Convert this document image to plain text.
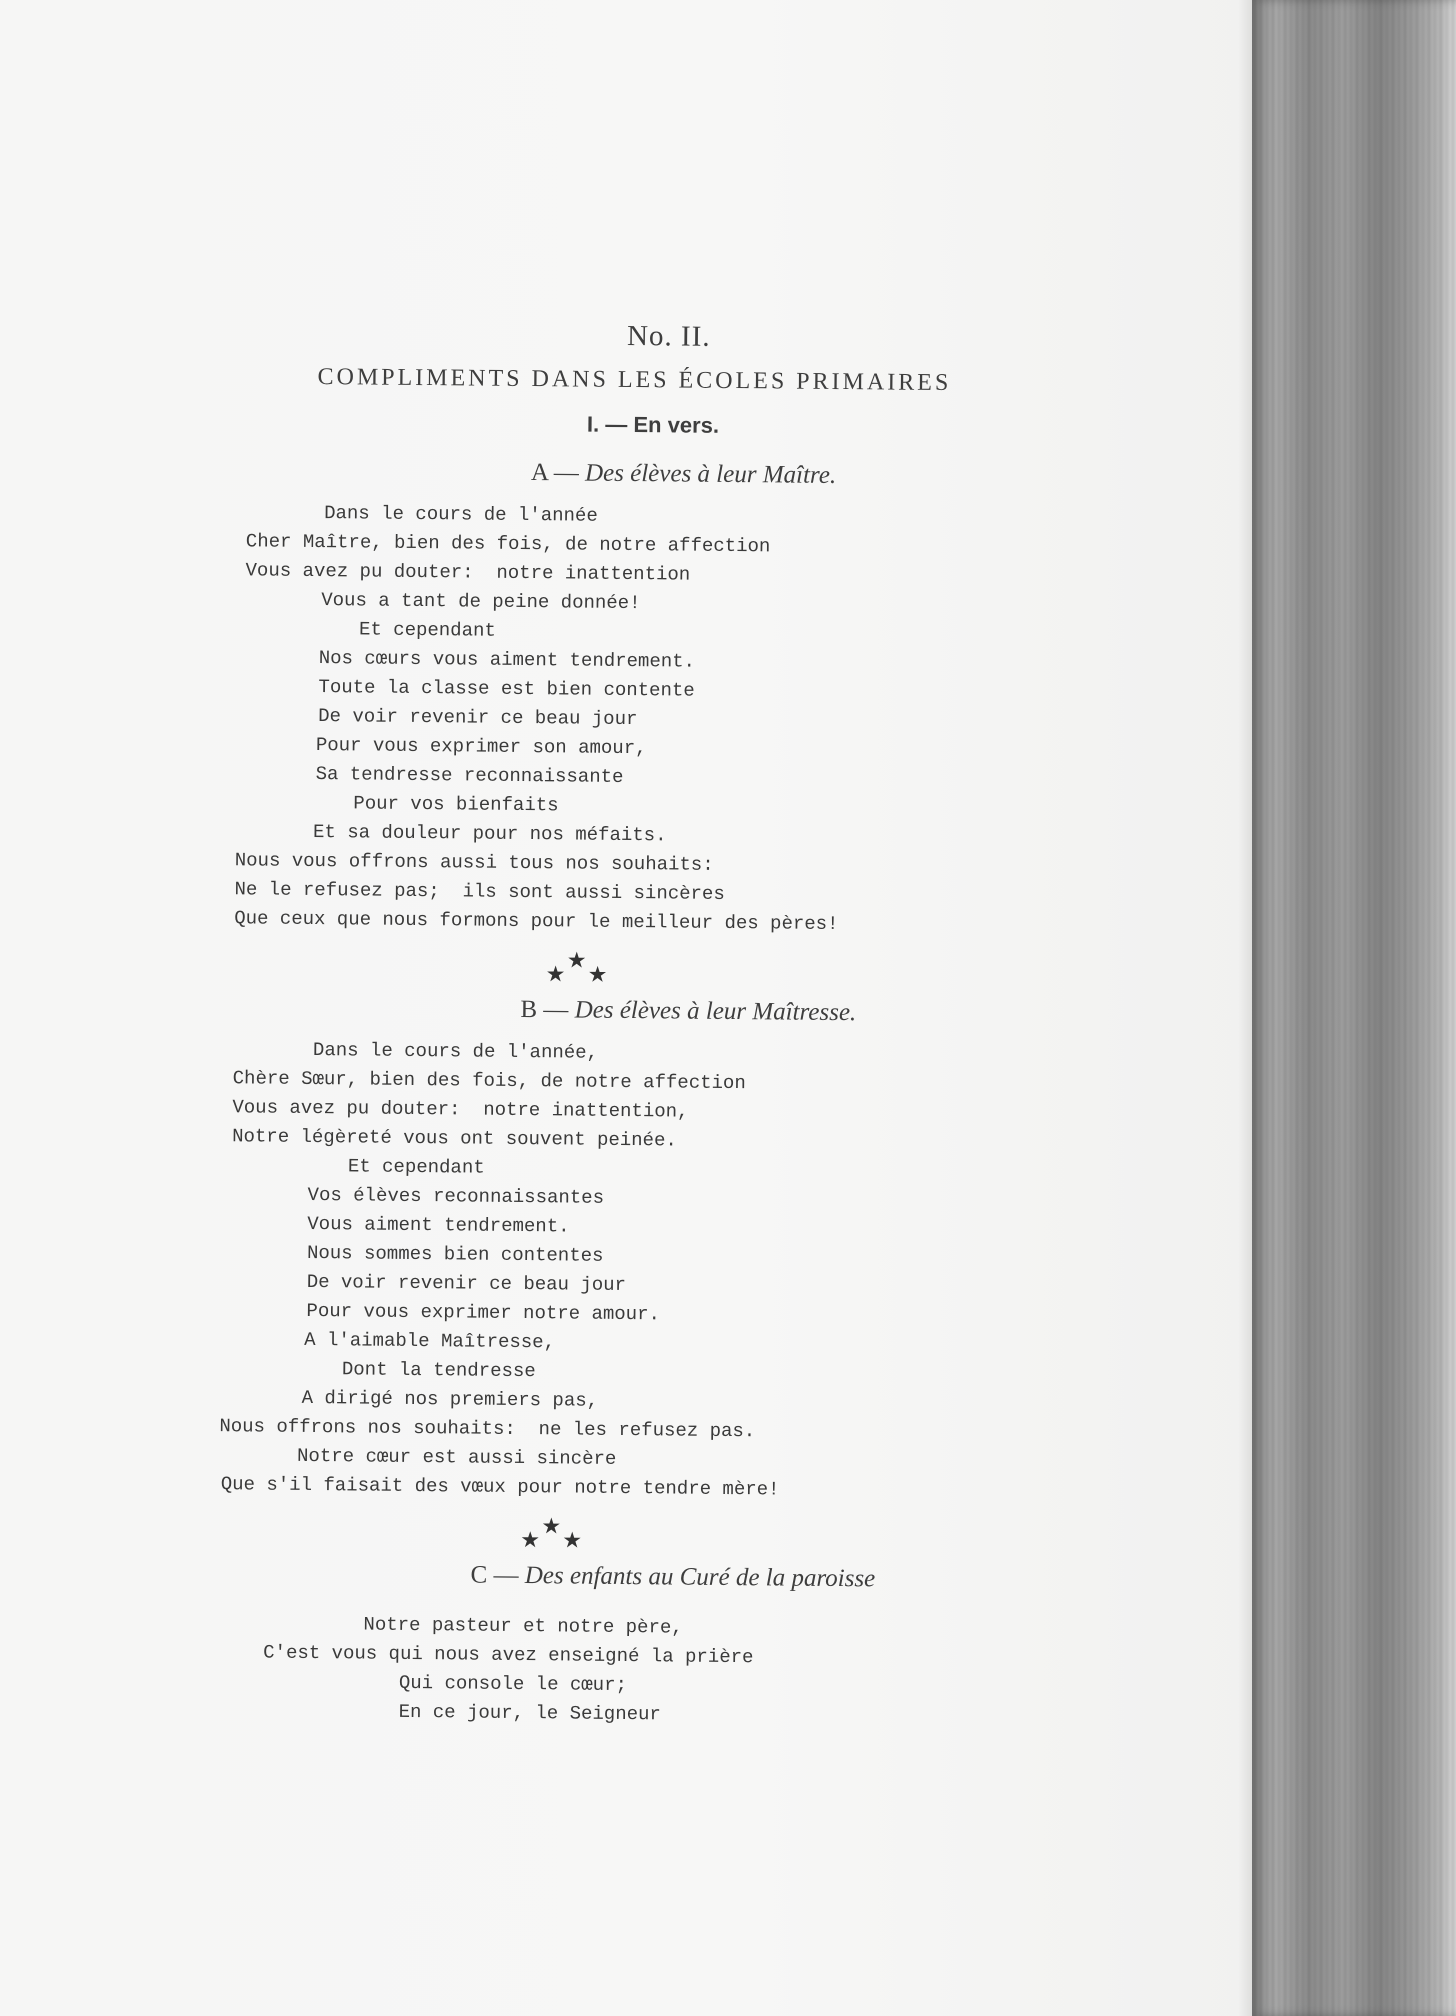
No. II.
COMPLIMENTS DANS LES ÉCOLES PRIMAIRES
I. — En vers.
A — Des élèves à leur Maître.
Dans le cours de l'année
Cher Maître, bien des fois, de notre affection
Vous avez pu douter:  notre inattention
Vous a tant de peine donnée!
Et cependant
Nos cœurs vous aiment tendrement.
Toute la classe est bien contente
De voir revenir ce beau jour
Pour vous exprimer son amour,
Sa tendresse reconnaissante
Pour vos bienfaits
Et sa douleur pour nos méfaits.
Nous vous offrons aussi tous nos souhaits:
Ne le refusez pas;  ils sont aussi sincères
Que ceux que nous formons pour le meilleur des pères!
★
★
★
B — Des élèves à leur Maîtresse.
Dans le cours de l'année,
Chère Sœur, bien des fois, de notre affection
Vous avez pu douter:  notre inattention,
Notre légèreté vous ont souvent peinée.
Et cependant
Vos élèves reconnaissantes
Vous aiment tendrement.
Nous sommes bien contentes
De voir revenir ce beau jour
Pour vous exprimer notre amour.
A l'aimable Maîtresse,
Dont la tendresse
A dirigé nos premiers pas,
Nous offrons nos souhaits:  ne les refusez pas.
Notre cœur est aussi sincère
Que s'il faisait des vœux pour notre tendre mère!
★
★
★
C — Des enfants au Curé de la paroisse
Notre pasteur et notre père,
C'est vous qui nous avez enseigné la prière
Qui console le cœur;
En ce jour, le Seigneur
